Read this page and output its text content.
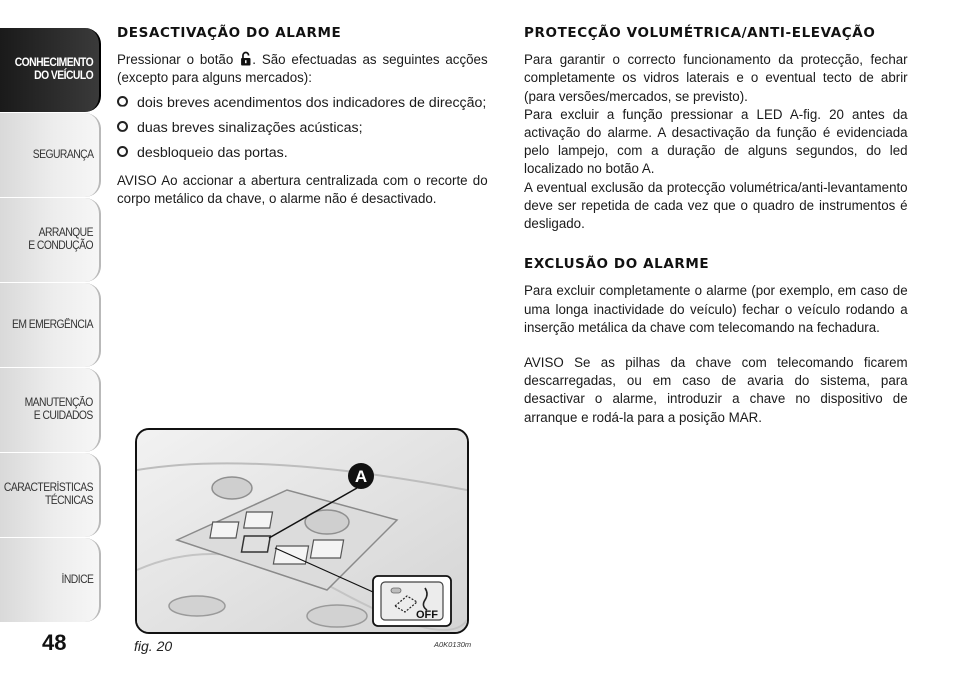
CONHECIMENTO
DO VEÍCULO
SEGURANÇA
ARRANQUE
E CONDUÇÃO
EM EMERGÊNCIA
MANUTENÇÃO
E CUIDADOS
CARACTERÍSTICAS
TÉCNICAS
ÍNDICE
48
DESACTIVAÇÃO DO ALARME

Pressionar o botão . São efectuadas as seguintes acções (excepto para alguns mercados):

dois breves acendimentos dos indicadores de direcção;
duas breves sinalizações acústicas;
desbloqueio das portas.

AVISO Ao accionar a abertura centralizada com o recorte do corpo metálico da chave, o alarme não é desactivado.

PROTECÇÃO VOLUMÉTRICA/ANTI-ELEVAÇÃO

Para garantir o correcto funcionamento da protecção, fechar completamente os vidros laterais e o eventual tecto de abrir (para versões/mercados, se previsto).

Para excluir a função pressionar a LED A-fig. 20 antes da activação do alarme. A desactivação da função é evidenciada pelo lampejo, com a duração de alguns segundos, do led localizado no botão A.

A eventual exclusão da protecção volumétrica/anti-levantamento deve ser repetida de cada vez que o quadro de instrumentos é desligado.

EXCLUSÃO DO ALARME

Para excluir completamente o alarme (por exemplo, em caso de uma longa inactividade do veículo) fechar o veículo rodando a inserção metálica da chave com telecomando na fechadura.

AVISO Se as pilhas da chave com telecomando ficarem descarregadas, ou em caso de avaria do sistema, para desactivar o alarme, introduzir a chave no dispositivo de arranque e rodá-la para a posição MAR.

A
OFF
fig. 20	A0K0130m
